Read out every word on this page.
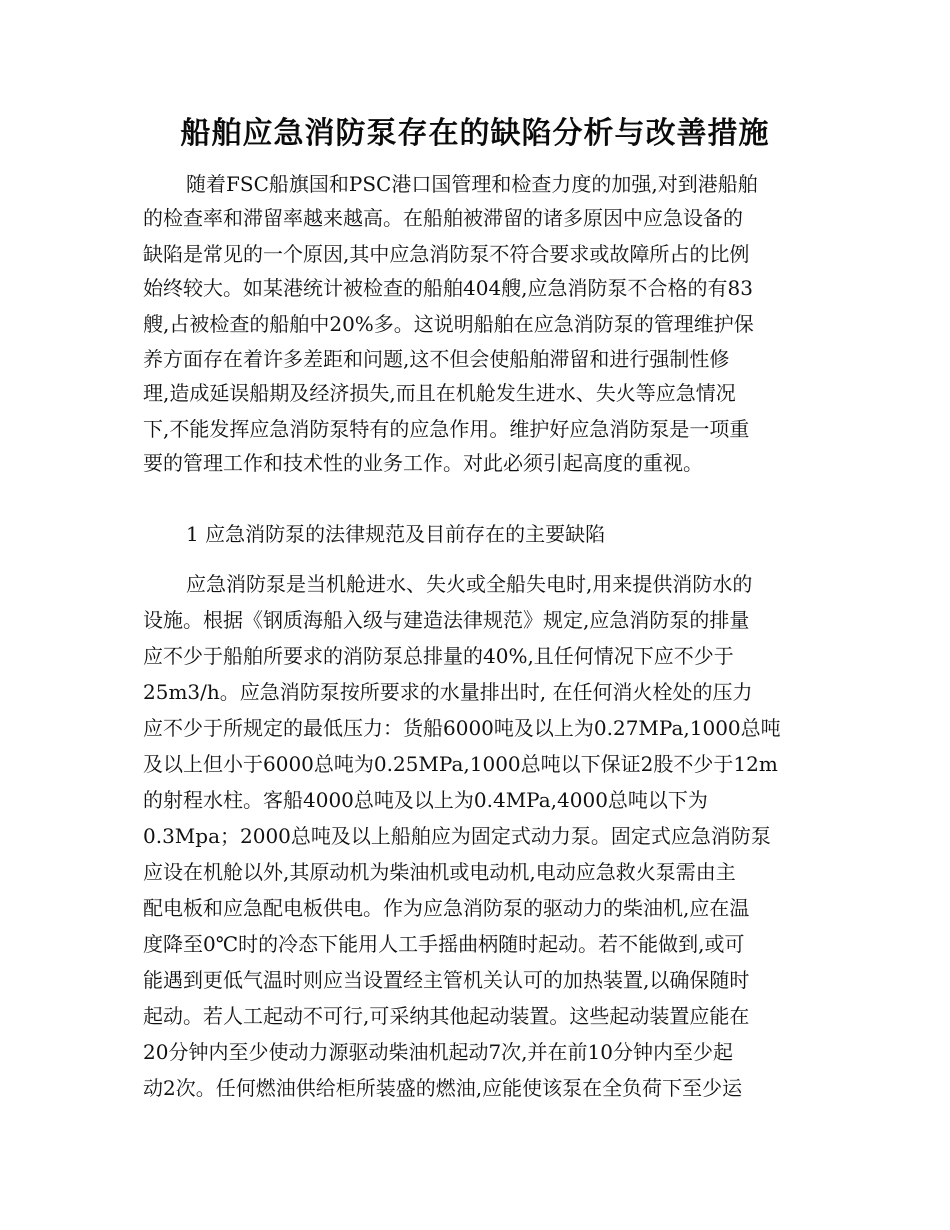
船舶应急消防泵存在的缺陷分析与改善措施
随着FSC船旗国和PSC港口国管理和检查力度的加强,对到港船舶
的检查率和滞留率越来越高。在船舶被滞留的诸多原因中应急设备的
缺陷是常见的一个原因,其中应急消防泵不符合要求或故障所占的比例
始终较大。如某港统计被检查的船舶404艘,应急消防泵不合格的有83
艘,占被检查的船舶中20%多。这说明船舶在应急消防泵的管理维护保
养方面存在着许多差距和问题,这不但会使船舶滞留和进行强制性修
理,造成延误船期及经济损失,而且在机舱发生进水、失火等应急情况
下,不能发挥应急消防泵特有的应急作用。维护好应急消防泵是一项重
要的管理工作和技术性的业务工作。对此必须引起高度的重视。
1 应急消防泵的法律规范及目前存在的主要缺陷
应急消防泵是当机舱进水、失火或全船失电时,用来提供消防水的
设施。根据《钢质海船入级与建造法律规范》规定,应急消防泵的排量
应不少于船舶所要求的消防泵总排量的40%,且任何情况下应不少于
25m3/h。应急消防泵按所要求的水量排出时, 在任何消火栓处的压力
应不少于所规定的最低压力：货船6000吨及以上为0.27MPa,1000总吨
及以上但小于6000总吨为0.25MPa,1000总吨以下保证2股不少于12m
的射程水柱。客船4000总吨及以上为0.4MPa,4000总吨以下为
0.3Mpa；2000总吨及以上船舶应为固定式动力泵。固定式应急消防泵
应设在机舱以外,其原动机为柴油机或电动机,电动应急救火泵需由主
配电板和应急配电板供电。作为应急消防泵的驱动力的柴油机,应在温
度降至0℃时的冷态下能用人工手摇曲柄随时起动。若不能做到,或可
能遇到更低气温时则应当设置经主管机关认可的加热装置,以确保随时
起动。若人工起动不可行,可采纳其他起动装置。这些起动装置应能在
20分钟内至少使动力源驱动柴油机起动7次,并在前10分钟内至少起
动2次。任何燃油供给柜所装盛的燃油,应能使该泵在全负荷下至少运
